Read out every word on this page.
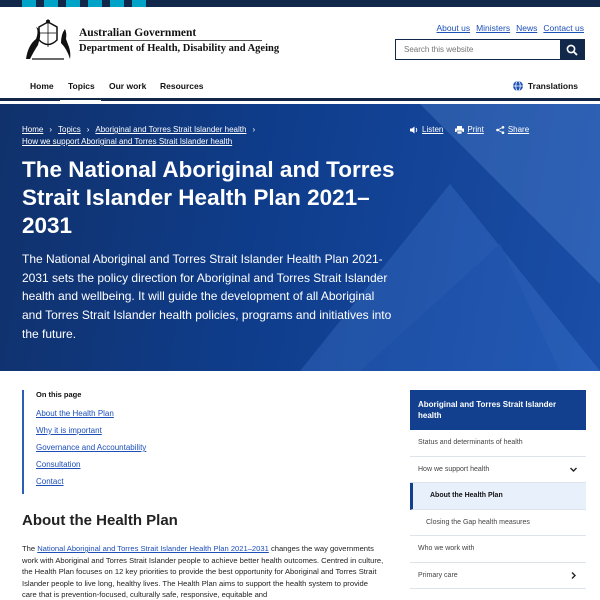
Australian Government
Department of Health, Disability and Ageing
About us Ministers News Contact us
Search this website
Home Topics Our work Resources	Translations
Home › Topics › Aboriginal and Torres Strait Islander health ›
How we support Aboriginal and Torres Strait Islander health
Listen	Print	Share
The National Aboriginal and Torres Strait Islander Health Plan 2021–2031

The National Aboriginal and Torres Strait Islander Health Plan 2021-2031 sets the policy direction for Aboriginal and Torres Strait Islander health and wellbeing. It will guide the development of all Aboriginal and Torres Strait Islander health policies, programs and initiatives into the future.

On this page
About the Health Plan
Why it is important
Governance and Accountability
Consultation
Contact
About the Health Plan

The National Aboriginal and Torres Strait Islander Health Plan 2021–2031 changes the way governments work with Aboriginal and Torres Strait Islander people to achieve better health outcomes. Centred in culture, the Health Plan focuses on 12 key priorities to provide the best opportunity for Aboriginal and Torres Strait Islander people to live long, healthy lives. The Health Plan aims to support the health system to provide care that is prevention-focused, culturally safe, responsive, equitable and

Aboriginal and Torres Strait Islander health
Status and determinants of health
How we support health
About the Health Plan
Closing the Gap health measures
Who we work with
Primary care
